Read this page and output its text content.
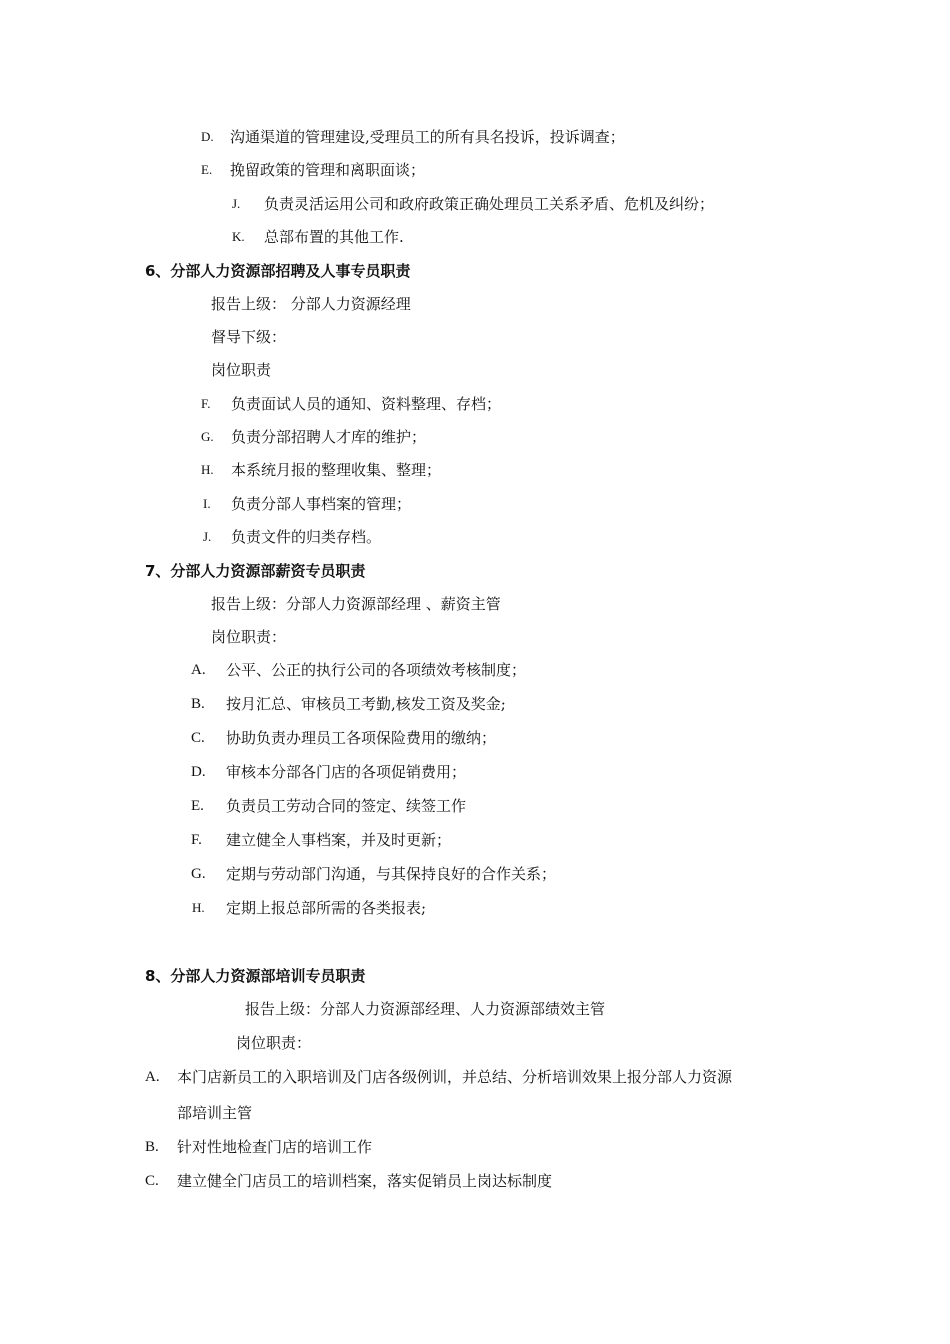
D. 沟通渠道的管理建设,受理员工的所有具名投诉，投诉调查；
E. 挽留政策的管理和离职面谈；
J. 负责灵活运用公司和政府政策正确处理员工关系矛盾、危机及纠纷；
K. 总部布置的其他工作.
6、分部人力资源部招聘及人事专员职责
报告上级： 分部人力资源经理
督导下级：
岗位职责
F. 负责面试人员的通知、资料整理、存档；
G. 负责分部招聘人才库的维护；
H. 本系统月报的整理收集、整理；
I. 负责分部人事档案的管理；
J. 负责文件的归类存档。
7、分部人力资源部薪资专员职责
报告上级：分部人力资源部经理 、薪资主管
岗位职责：
A. 公平、公正的执行公司的各项绩效考核制度；
B. 按月汇总、审核员工考勤,核发工资及奖金;
C. 协助负责办理员工各项保险费用的缴纳；
D. 审核本分部各门店的各项促销费用；
E. 负责员工劳动合同的签定、续签工作
F. 建立健全人事档案，并及时更新；
G. 定期与劳动部门沟通，与其保持良好的合作关系；
H. 定期上报总部所需的各类报表;
8、分部人力资源部培训专员职责
报告上级：分部人力资源部经理、人力资源部绩效主管
岗位职责：
A. 本门店新员工的入职培训及门店各级例训，并总结、分析培训效果上报分部人力资源
部培训主管
B. 针对性地检查门店的培训工作
C. 建立健全门店员工的培训档案，落实促销员上岗达标制度
